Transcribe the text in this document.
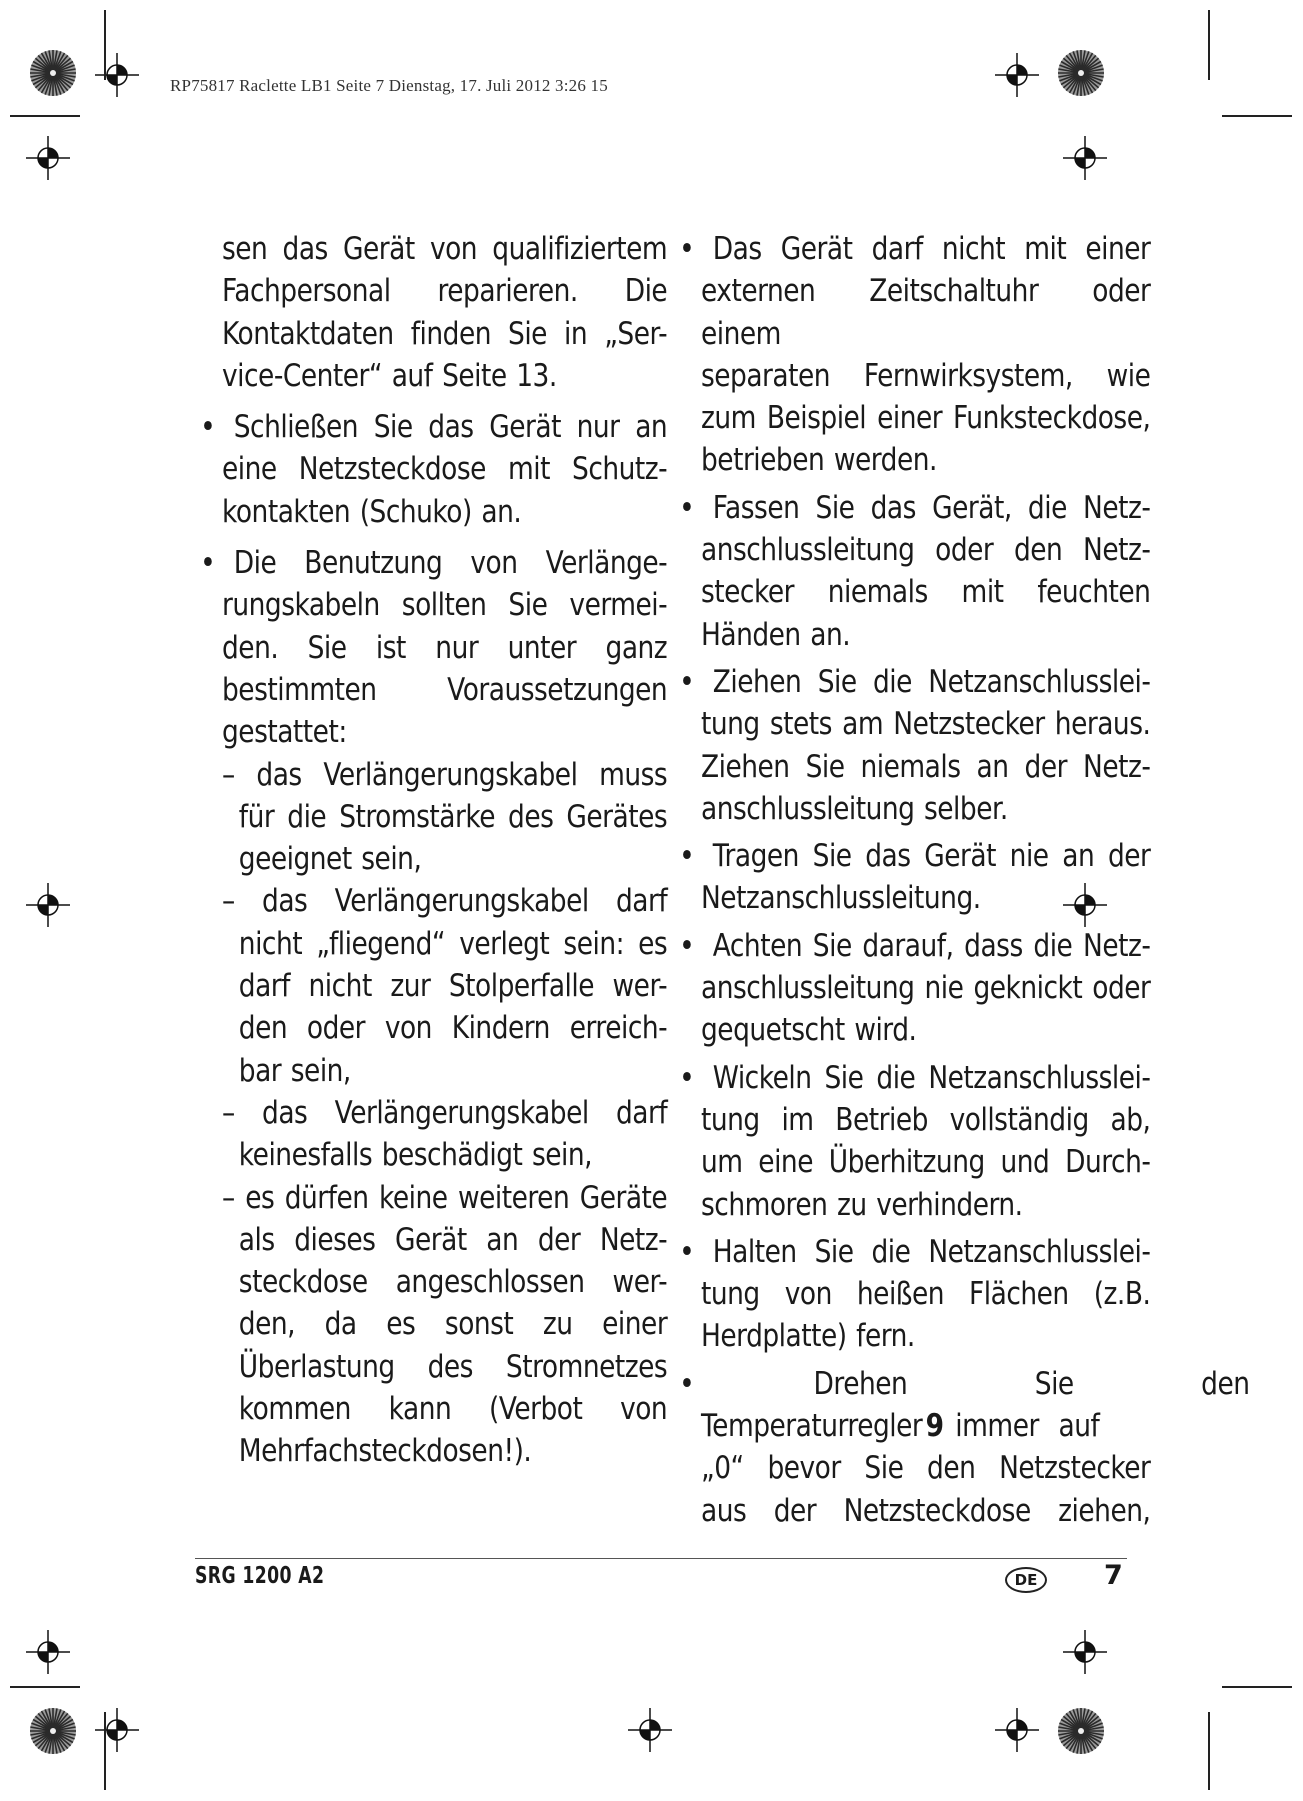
RP75817 Raclette LB1 Seite 7 Dienstag, 17. Juli 2012 3:26 15
sen das Gerät von qualifiziertem
Fachpersonal reparieren. Die
Kontaktdaten finden Sie in „Ser-
vice-Center“ auf Seite 13.
• Schließen Sie das Gerät nur an
eine Netzsteckdose mit Schutz-
kontakten (Schuko) an.
• Die Benutzung von Verlänge-
rungskabeln sollten Sie vermei-
den. Sie ist nur unter ganz
bestimmten Voraussetzungen
gestattet:
– das Verlängerungskabel muss
für die Stromstärke des Gerätes
geeignet sein,
– das Verlängerungskabel darf
nicht „fliegend“ verlegt sein: es
darf nicht zur Stolperfalle wer-
den oder von Kindern erreich-
bar sein,
– das Verlängerungskabel darf
keinesfalls beschädigt sein,
– es dürfen keine weiteren Geräte
als dieses Gerät an der Netz-
steckdose angeschlossen wer-
den, da es sonst zu einer
Überlastung des Stromnetzes
kommen kann (Verbot von
Mehrfachsteckdosen!).
• Das Gerät darf nicht mit einer
externen Zeitschaltuhr oder einem
separaten Fernwirksystem, wie
zum Beispiel einer Funksteckdose,
betrieben werden.
• Fassen Sie das Gerät, die Netz-
anschlussleitung oder den Netz-
stecker niemals mit feuchten
Händen an.
• Ziehen Sie die Netzanschlusslei-
tung stets am Netzstecker heraus.
Ziehen Sie niemals an der Netz-
anschlussleitung selber.
• Tragen Sie das Gerät nie an der
Netzanschlussleitung.
• Achten Sie darauf, dass die Netz-
anschlussleitung nie geknickt oder
gequetscht wird.
• Wickeln Sie die Netzanschlusslei-
tung im Betrieb vollständig ab,
um eine Überhitzung und Durch-
schmoren zu verhindern.
• Halten Sie die Netzanschlusslei-
tung von heißen Flächen (z.B.
Herdplatte) fern.
•	Drehen Sie den
Temperaturregler 9 immer auf
„0“ bevor Sie den Netzstecker
aus der Netzsteckdose ziehen,
SRG 1200 A2	DE	7
